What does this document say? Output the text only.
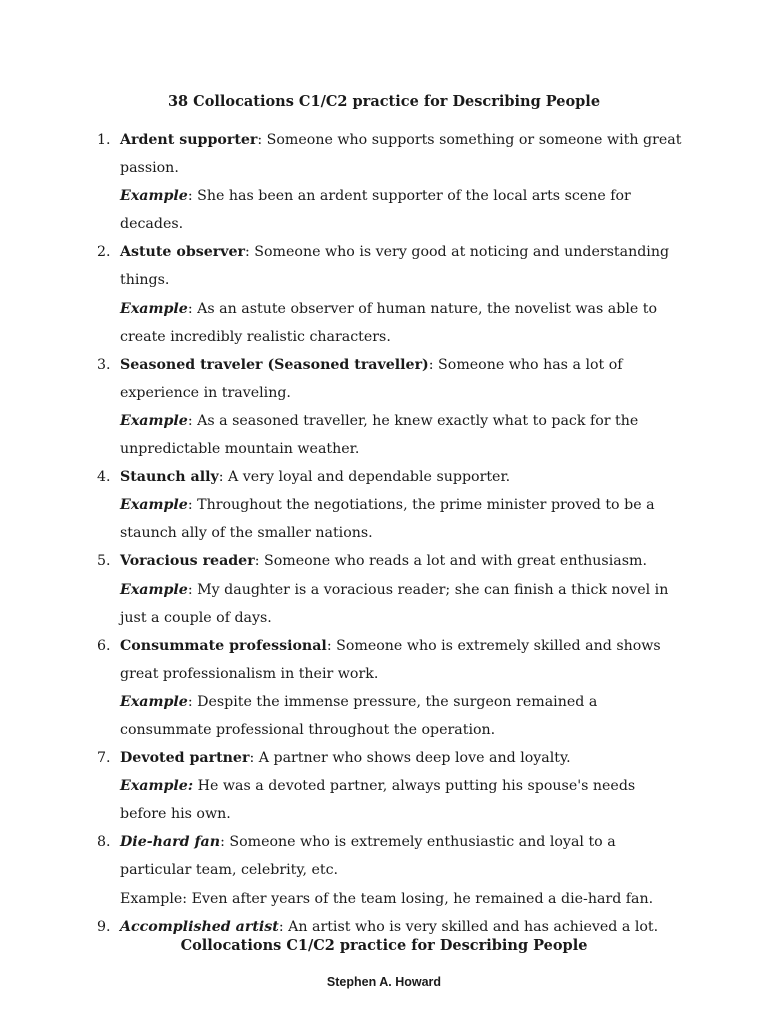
38 Collocations C1/C2 practice for Describing People
1. Ardent supporter: Someone who supports something or someone with great passion.
Example: She has been an ardent supporter of the local arts scene for decades.
2. Astute observer: Someone who is very good at noticing and understanding things.
Example: As an astute observer of human nature, the novelist was able to create incredibly realistic characters.
3. Seasoned traveler (Seasoned traveller): Someone who has a lot of experience in traveling.
Example: As a seasoned traveller, he knew exactly what to pack for the unpredictable mountain weather.
4. Staunch ally: A very loyal and dependable supporter.
Example: Throughout the negotiations, the prime minister proved to be a staunch ally of the smaller nations.
5. Voracious reader: Someone who reads a lot and with great enthusiasm.
Example: My daughter is a voracious reader; she can finish a thick novel in just a couple of days.
6. Consummate professional: Someone who is extremely skilled and shows great professionalism in their work.
Example: Despite the immense pressure, the surgeon remained a consummate professional throughout the operation.
7. Devoted partner: A partner who shows deep love and loyalty.
Example: He was a devoted partner, always putting his spouse's needs before his own.
8. Die-hard fan: Someone who is extremely enthusiastic and loyal to a particular team, celebrity, etc.
Example: Even after years of the team losing, he remained a die-hard fan.
9. Accomplished artist: An artist who is very skilled and has achieved a lot.
Collocations C1/C2 practice for Describing People
Stephen A. Howard
